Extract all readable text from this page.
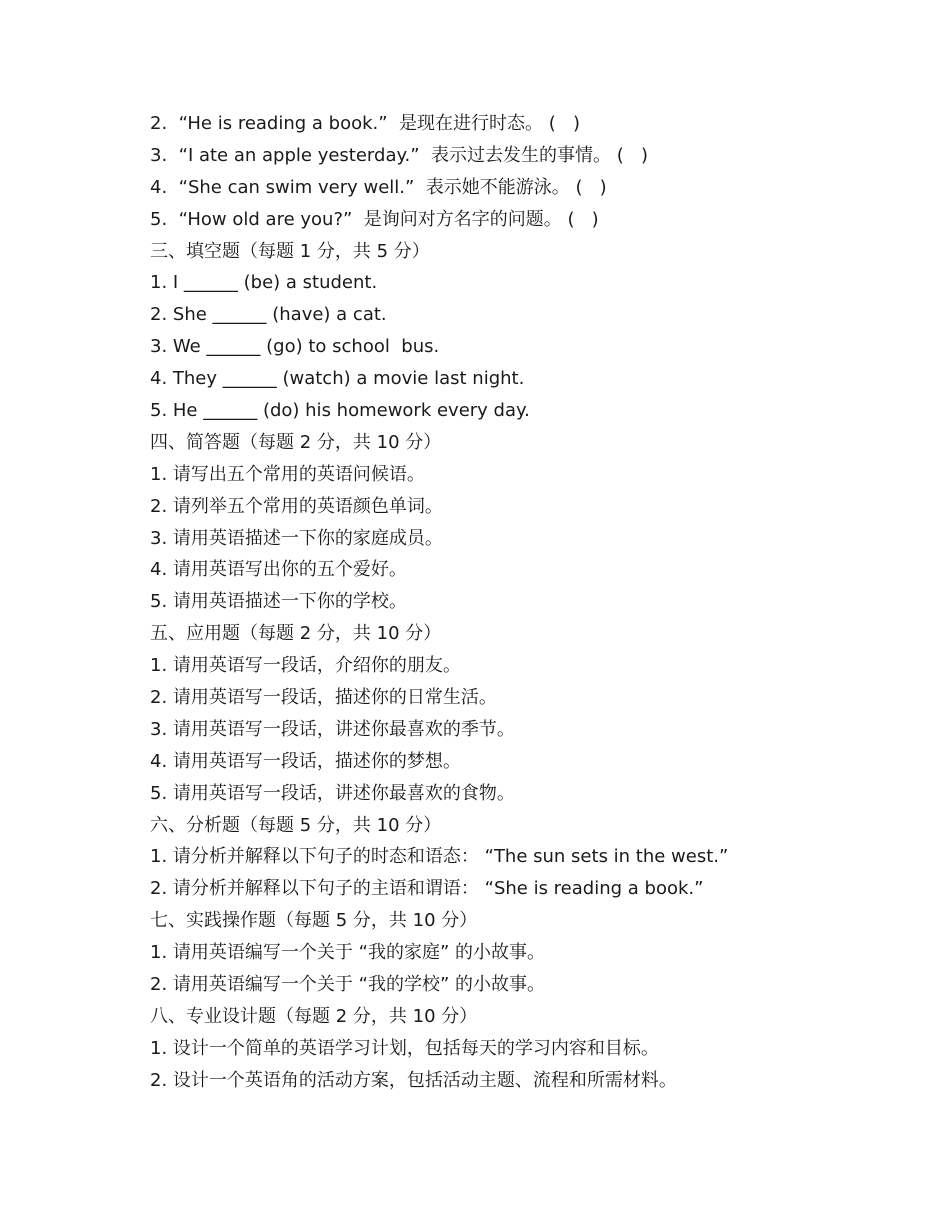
2.  “He is reading a book.”  是现在进行时态。 (   )
3.  “I ate an apple yesterday.”  表示过去发生的事情。 (   )
4.  “She can swim very well.”  表示她不能游泳。 (   )
5.  “How old are you?”  是询问对方名字的问题。 (   )
三、填空题（每题 1 分，共 5 分）
1. I ______ (be) a student.
2. She ______ (have) a cat.
3. We ______ (go) to school  bus.
4. They ______ (watch) a movie last night.
5. He ______ (do) his homework every day.
四、简答题（每题 2 分，共 10 分）
1. 请写出五个常用的英语问候语。
2. 请列举五个常用的英语颜色单词。
3. 请用英语描述一下你的家庭成员。
4. 请用英语写出你的五个爱好。
5. 请用英语描述一下你的学校。
五、应用题（每题 2 分，共 10 分）
1. 请用英语写一段话，介绍你的朋友。
2. 请用英语写一段话，描述你的日常生活。
3. 请用英语写一段话，讲述你最喜欢的季节。
4. 请用英语写一段话，描述你的梦想。
5. 请用英语写一段话，讲述你最喜欢的食物。
六、分析题（每题 5 分，共 10 分）
1. 请分析并解释以下句子的时态和语态： “The sun sets in the west.”
2. 请分析并解释以下句子的主语和谓语： “She is reading a book.”
七、实践操作题（每题 5 分，共 10 分）
1. 请用英语编写一个关于 “我的家庭” 的小故事。
2. 请用英语编写一个关于 “我的学校” 的小故事。
八、专业设计题（每题 2 分，共 10 分）
1. 设计一个简单的英语学习计划，包括每天的学习内容和目标。
2. 设计一个英语角的活动方案，包括活动主题、流程和所需材料。
